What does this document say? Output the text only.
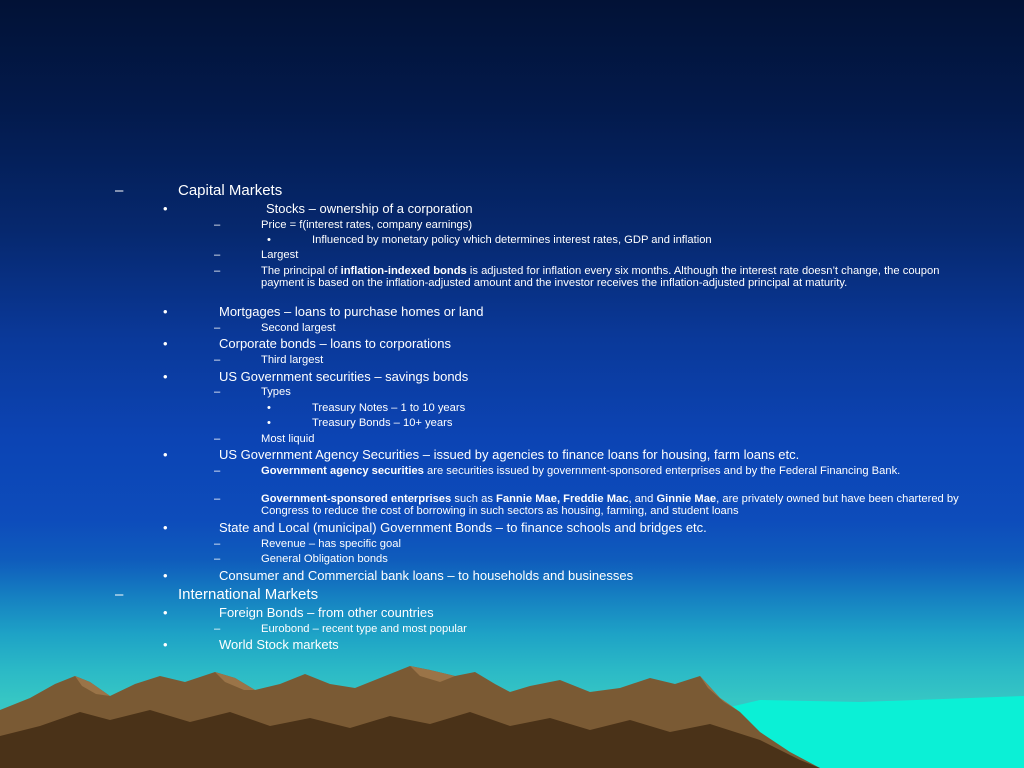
–	Capital Markets
•	Stocks – ownership of a corporation
–	Price = f(interest rates, company earnings)
•	Influenced by monetary policy which determines interest rates, GDP and inflation
–	Largest
–	The principal of inflation-indexed bonds is adjusted for inflation every six months. Although the interest rate doesn’t change, the coupon payment is based on the inflation-adjusted amount and the investor receives the inflation-adjusted principal at maturity.
•	Mortgages – loans to purchase homes or land
–	Second largest
•	Corporate bonds – loans to corporations
–	Third largest
•	US Government securities – savings bonds
–	Types
•	Treasury Notes – 1 to 10 years
•	Treasury Bonds – 10+ years
–	Most liquid
•	US Government Agency Securities – issued by agencies to finance loans for housing, farm loans etc.
–	Government agency securities are securities issued by government-sponsored enterprises and by the Federal Financing Bank.
–	Government-sponsored enterprises such as Fannie Mae, Freddie Mac, and Ginnie Mae, are privately owned but have been chartered by Congress to reduce the cost of borrowing in such sectors as housing, farming, and student loans
•	State and Local (municipal) Government Bonds – to finance schools and bridges etc.
–	Revenue – has specific goal
–	General Obligation bonds
•	Consumer and Commercial bank loans – to households and businesses
–	International Markets
•	Foreign Bonds – from other countries
–	Eurobond – recent type and most popular
•	World Stock markets
